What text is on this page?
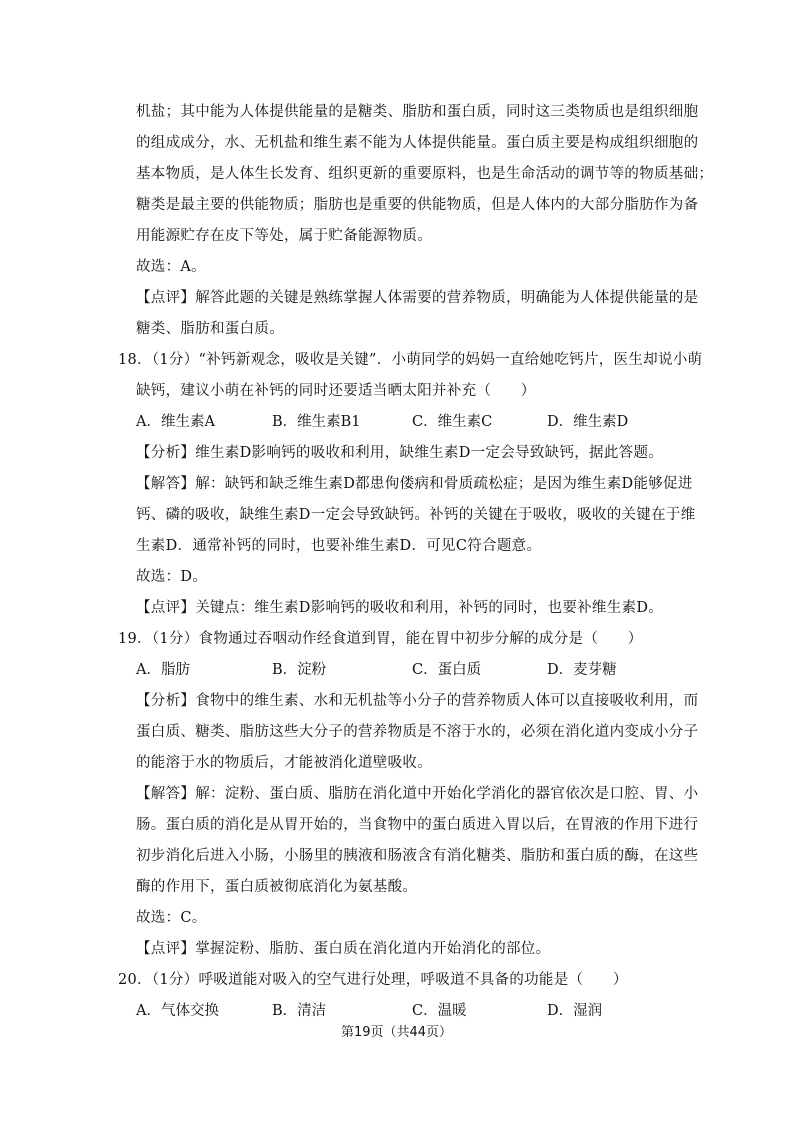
机盐；其中能为人体提供能量的是糖类、脂肪和蛋白质，同时这三类物质也是组织细胞
的组成成分，水、无机盐和维生素不能为人体提供能量。蛋白质主要是构成组织细胞的
基本物质，是人体生长发育、组织更新的重要原料，也是生命活动的调节等的物质基础；
糖类是最主要的供能物质；脂肪也是重要的供能物质，但是人体内的大部分脂肪作为备
用能源贮存在皮下等处，属于贮备能源物质。
故选：A。
【点评】解答此题的关键是熟练掌握人体需要的营养物质，明确能为人体提供能量的是
糖类、脂肪和蛋白质。
18．（1分）“补钙新观念，吸收是关键”．小萌同学的妈妈一直给她吃钙片，医生却说小萌
缺钙，建议小萌在补钙的同时还要适当晒太阳并补充（　　）
A．维生素A	B．维生素B1	C．维生素C	D．维生素D
【分析】维生素D影响钙的吸收和利用，缺维生素D一定会导致缺钙，据此答题。
【解答】解：缺钙和缺乏维生素D都患佝偻病和骨质疏松症；是因为维生素D能够促进
钙、磷的吸收，缺维生素D一定会导致缺钙。补钙的关键在于吸收，吸收的关键在于维
生素D．通常补钙的同时，也要补维生素D．可见C符合题意。
故选：D。
【点评】关键点：维生素D影响钙的吸收和利用，补钙的同时，也要补维生素D。
19．（1分）食物通过吞咽动作经食道到胃，能在胃中初步分解的成分是（　　）
A．脂肪	B．淀粉	C．蛋白质	D．麦芽糖
【分析】食物中的维生素、水和无机盐等小分子的营养物质人体可以直接吸收利用，而
蛋白质、糖类、脂肪这些大分子的营养物质是不溶于水的，必须在消化道内变成小分子
的能溶于水的物质后，才能被消化道壁吸收。
【解答】解：淀粉、蛋白质、脂肪在消化道中开始化学消化的器官依次是口腔、胃、小
肠。蛋白质的消化是从胃开始的，当食物中的蛋白质进入胃以后，在胃液的作用下进行
初步消化后进入小肠，小肠里的胰液和肠液含有消化糖类、脂肪和蛋白质的酶，在这些
酶的作用下，蛋白质被彻底消化为氨基酸。
故选：C。
【点评】掌握淀粉、脂肪、蛋白质在消化道内开始消化的部位。
20．（1分）呼吸道能对吸入的空气进行处理，呼吸道不具备的功能是（　　）
A．气体交换	B．清洁	C．温暖	D．湿润
第19页（共44页）
